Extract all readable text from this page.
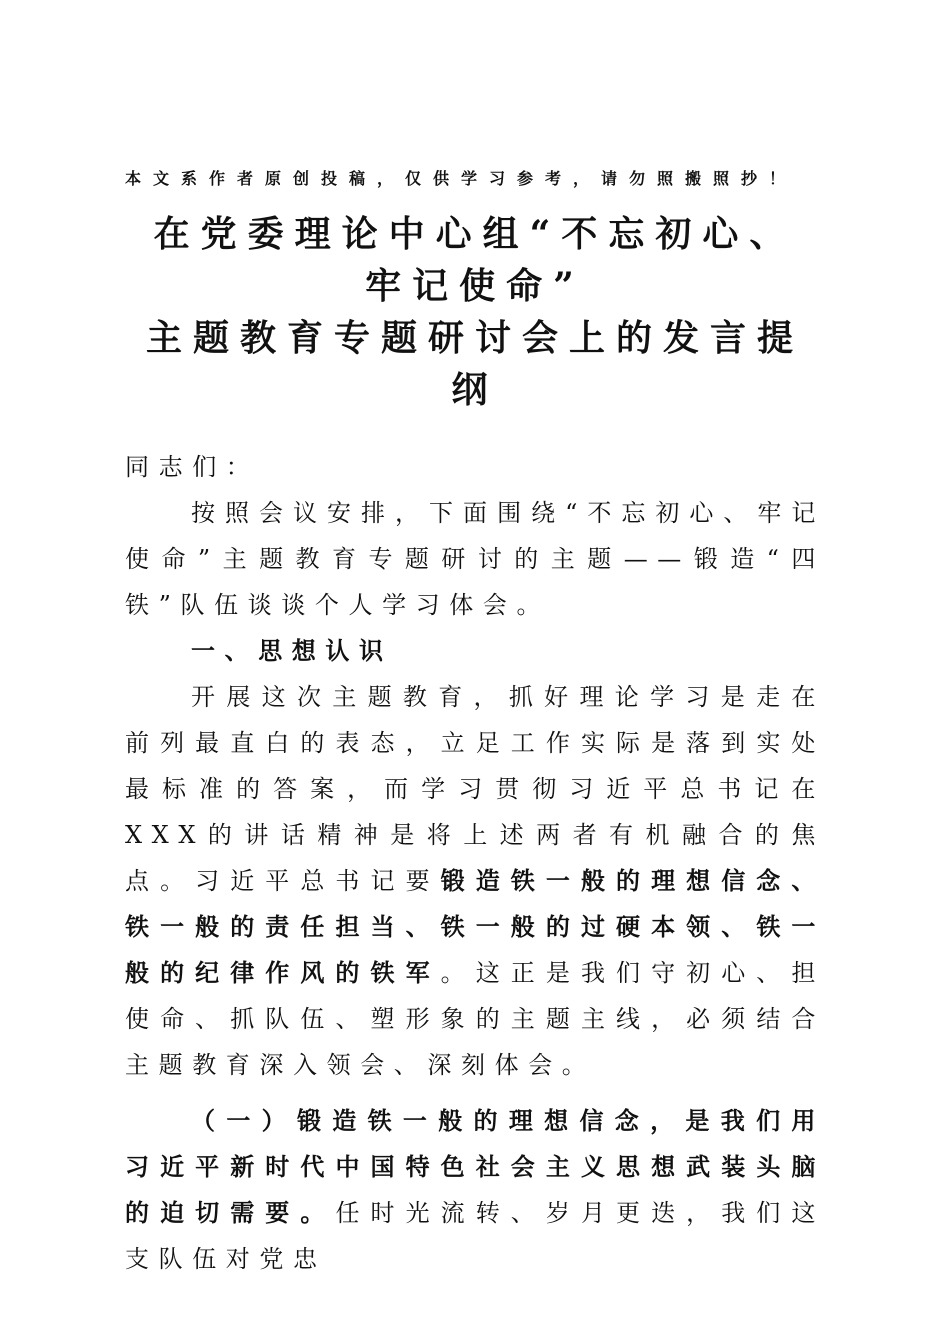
本文系作者原创投稿，仅供学习参考，请勿照搬照抄！
在党委理论中心组“不忘初心、
牢记使命”
主题教育专题研讨会上的发言提
纲

同志们：

按照会议安排，下面围绕“不忘初心、牢记使命”主题教育专题研讨的主题——锻造“四铁”队伍谈谈个人学习体会。

一、思想认识

开展这次主题教育，抓好理论学习是走在前列最直白的表态，立足工作实际是落到实处最标准的答案，而学习贯彻习近平总书记在XXX的讲话精神是将上述两者有机融合的焦点。习近平总书记要锻造铁一般的理想信念、铁一般的责任担当、铁一般的过硬本领、铁一般的纪律作风的铁军。这正是我们守初心、担使命、抓队伍、塑形象的主题主线，必须结合主题教育深入领会、深刻体会。

（一）锻造铁一般的理想信念，是我们用习近平新时代中国特色社会主义思想武装头脑的迫切需要。任时光流转、岁月更迭，我们这支队伍对党忠
